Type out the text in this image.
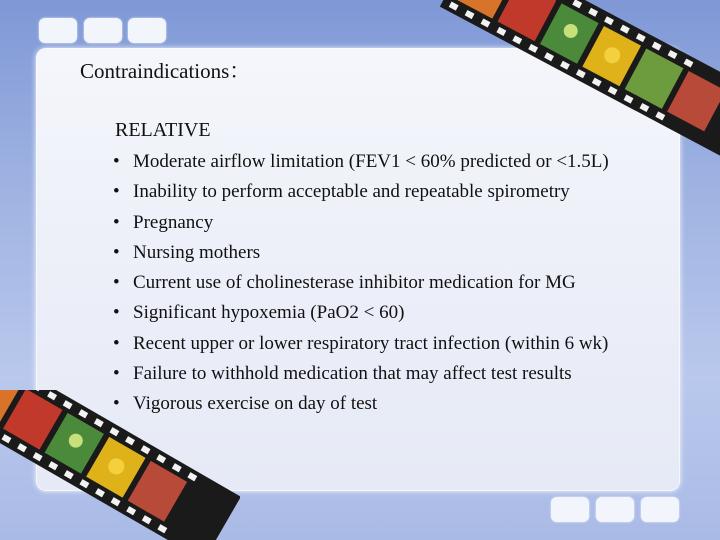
Contraindications：
RELATIVE
• Moderate airflow limitation (FEV1 < 60% predicted or <1.5L)
• Inability to perform acceptable and repeatable spirometry
• Pregnancy
• Nursing mothers
• Current use of cholinesterase inhibitor medication for MG
• Significant hypoxemia (PaO2 < 60)
• Recent upper or lower respiratory tract infection (within 6 wk)
• Failure to withhold medication that may affect test results
• Vigorous exercise on day of test
